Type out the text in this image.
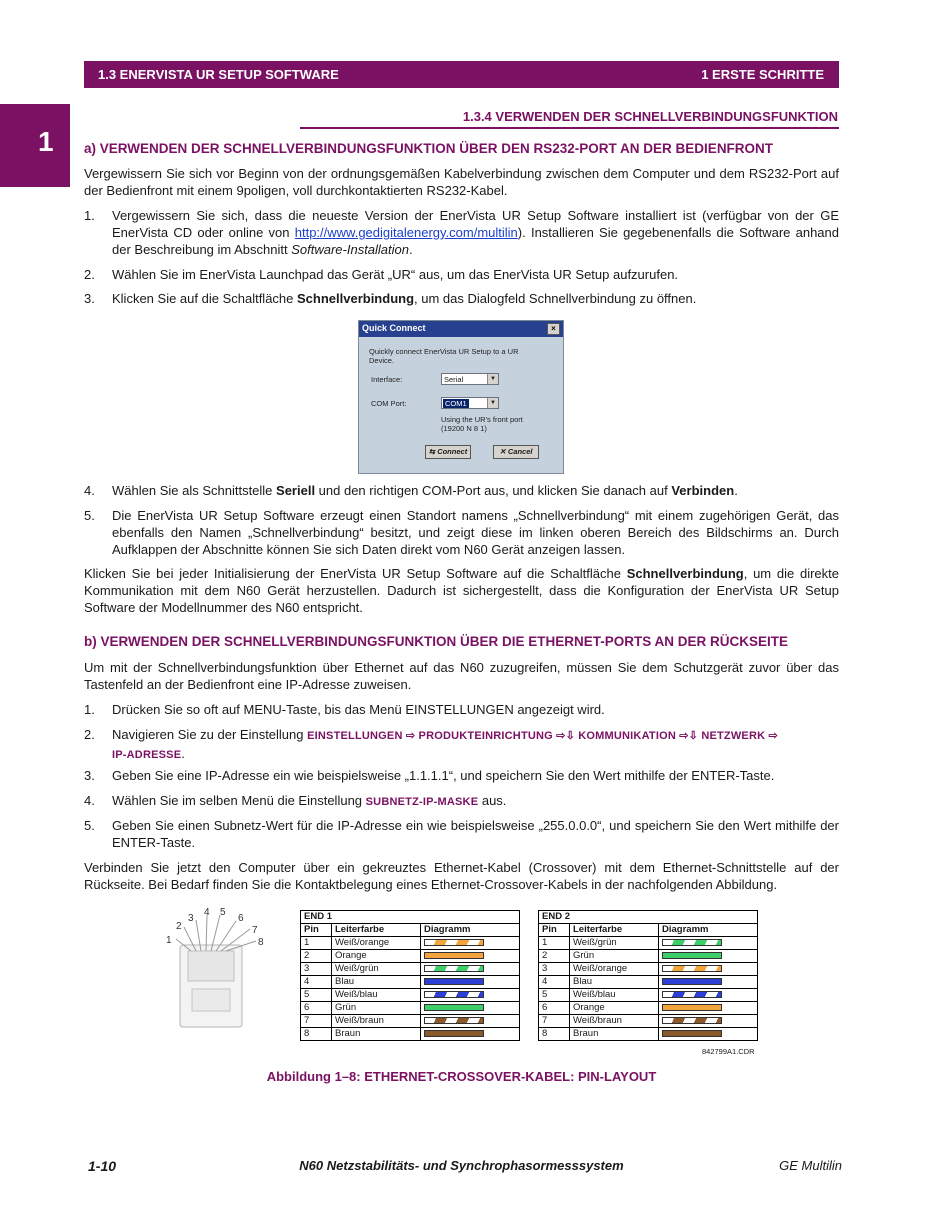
1.3 ENERVISTA UR SETUP SOFTWARE	1 ERSTE SCHRITTE
1
1.3.4 VERWENDEN DER SCHNELLVERBINDUNGSFUNKTION
a) VERWENDEN DER SCHNELLVERBINDUNGSFUNKTION ÜBER DEN RS232-PORT AN DER BEDIENFRONT
Vergewissern Sie sich vor Beginn von der ordnungsgemäßen Kabelverbindung zwischen dem Computer und dem RS232-Port auf der Bedienfront mit einem 9poligen, voll durchkontaktierten RS232-Kabel.
1. Vergewissern Sie sich, dass die neueste Version der EnerVista UR Setup Software installiert ist (verfügbar von der GE EnerVista CD oder online von http://www.gedigitalenergy.com/multilin). Installieren Sie gegebenenfalls die Software anhand der Beschreibung im Abschnitt Software-Installation.
2. Wählen Sie im EnerVista Launchpad das Gerät „UR“ aus, um das EnerVista UR Setup aufzurufen.
3. Klicken Sie auf die Schaltfläche Schnellverbindung, um das Dialogfeld Schnellverbindung zu öffnen.
Quick Connect	×
Quickly connect EnerVista UR Setup to a UR Device.
Interface:	Serial	▼
COM Port:	COM1	▼
Using the UR's front port (19200 N 8 1)
⇆ Connect	✕ Cancel
4. Wählen Sie als Schnittstelle Seriell und den richtigen COM-Port aus, und klicken Sie danach auf Verbinden.
5. Die EnerVista UR Setup Software erzeugt einen Standort namens „Schnellverbindung“ mit einem zugehörigen Gerät, das ebenfalls den Namen „Schnellverbindung“ besitzt, und zeigt diese im linken oberen Bereich des Bildschirms an. Durch Aufklappen der Abschnitte können Sie sich Daten direkt vom N60 Gerät anzeigen lassen.
Klicken Sie bei jeder Initialisierung der EnerVista UR Setup Software auf die Schaltfläche Schnellverbindung, um die direkte Kommunikation mit dem N60 Gerät herzustellen. Dadurch ist sichergestellt, dass die Konfiguration der EnerVista UR Setup Software der Modellnummer des N60 entspricht.
b) VERWENDEN DER SCHNELLVERBINDUNGSFUNKTION ÜBER DIE ETHERNET-PORTS AN DER RÜCKSEITE
Um mit der Schnellverbindungsfunktion über Ethernet auf das N60 zuzugreifen, müssen Sie dem Schutzgerät zuvor über das Tastenfeld an der Bedienfront eine IP-Adresse zuweisen.
1. Drücken Sie so oft auf MENU-Taste, bis das Menü EINSTELLUNGEN angezeigt wird.
2. Navigieren Sie zu der Einstellung EINSTELLUNGEN ⇨ PRODUKTEINRICHTUNG ⇨⇩ KOMMUNIKATION ⇨⇩ NETZWERK ⇨
IP-ADRESSE.
3. Geben Sie eine IP-Adresse ein wie beispielsweise „1.1.1.1“, und speichern Sie den Wert mithilfe der ENTER-Taste.
4. Wählen Sie im selben Menü die Einstellung SUBNETZ-IP-MASKE aus.
5. Geben Sie einen Subnetz-Wert für die IP-Adresse ein wie beispielsweise „255.0.0.0“, und speichern Sie den Wert mithilfe der ENTER-Taste.
Verbinden Sie jetzt den Computer über ein gekreuztes Ethernet-Kabel (Crossover) mit dem Ethernet-Schnittstelle auf der Rückseite. Bei Bedarf finden Sie die Kontaktbelegung eines Ethernet-Crossover-Kabels in der nachfolgenden Abbildung.
1
2
3
4 5
6
7
8
END 1		
Pin	Leiterfarbe	Diagramm
1	Weiß/orange	
2	Orange	
3	Weiß/grün	
4	Blau	
5	Weiß/blau	
6	Grün	
7	Weiß/braun	
8	Braun	
END 2		
Pin	Leiterfarbe	Diagramm
1	Weiß/grün	
2	Grün	
3	Weiß/orange	
4	Blau	
5	Weiß/blau	
6	Orange	
7	Weiß/braun	
8	Braun	
842799A1.CDR
Abbildung 1–8: ETHERNET-CROSSOVER-KABEL: PIN-LAYOUT
1-10	N60 Netzstabilitäts- und Synchrophasormesssystem	GE Multilin
